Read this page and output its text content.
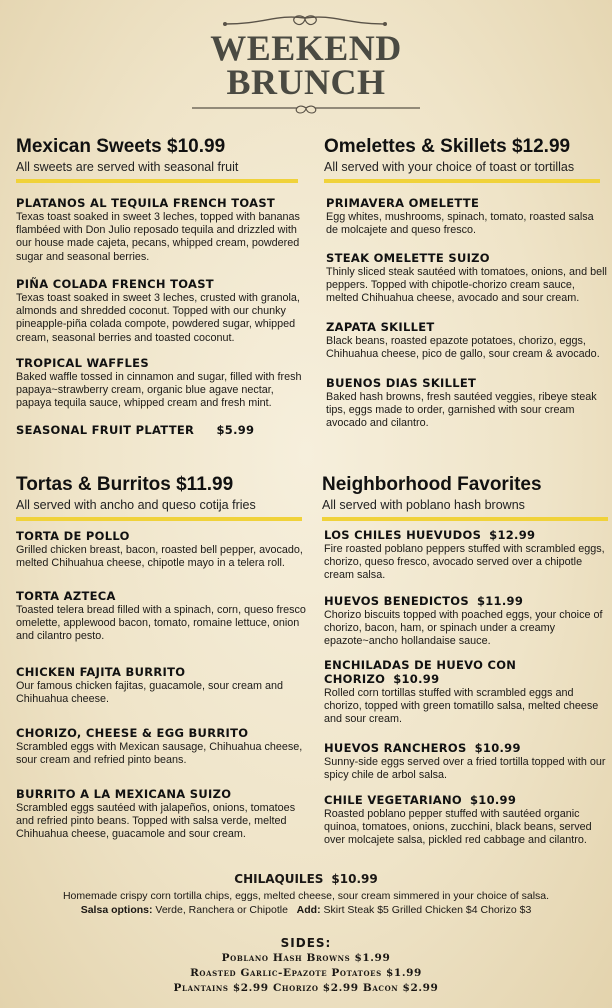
WEEKEND
BRUNCH
Mexican Sweets $10.99
All sweets are served with seasonal fruit
PLATANOS AL TEQUILA FRENCH TOAST
Texas toast soaked in sweet 3 leches, topped with bananas flambéed with Don Julio reposado tequila and drizzled with our house made cajeta, pecans, whipped cream, powdered sugar and seasonal berries.
PIÑA COLADA FRENCH TOAST
Texas toast soaked in sweet 3 leches, crusted with granola, almonds and shredded coconut. Topped with our chunky pineapple-piña colada compote, powdered sugar, whipped cream, seasonal berries and toasted coconut.
TROPICAL WAFFLES
Baked waffle tossed in cinnamon and sugar, filled with fresh papaya~strawberry cream, organic blue agave nectar, papaya tequila sauce, whipped cream and fresh mint.
SEASONAL FRUIT PLATTER $5.99
Omelettes & Skillets $12.99
All served with your choice of toast or tortillas
PRIMAVERA OMELETTE
Egg whites, mushrooms, spinach, tomato, roasted salsa de molcajete and queso fresco.
STEAK OMELETTE SUIZO
Thinly sliced steak sautéed with tomatoes, onions, and bell peppers. Topped with chipotle-chorizo cream sauce, melted Chihuahua cheese, avocado and sour cream.
ZAPATA SKILLET
Black beans, roasted epazote potatoes, chorizo, eggs, Chihuahua cheese, pico de gallo, sour cream & avocado.
BUENOS DIAS SKILLET
Baked hash browns, fresh sautéed veggies, ribeye steak tips, eggs made to order, garnished with sour cream avocado and cilantro.
Tortas & Burritos $11.99
All served with ancho and queso cotija fries
TORTA DE POLLO
Grilled chicken breast, bacon, roasted bell pepper, avocado, melted Chihuahua cheese, chipotle mayo in a telera roll.
TORTA AZTECA
Toasted telera bread filled with a spinach, corn, queso fresco omelette, applewood bacon, tomato, romaine lettuce, onion and cilantro pesto.
CHICKEN FAJITA BURRITO
Our famous chicken fajitas, guacamole, sour cream and Chihuahua cheese.
CHORIZO, CHEESE & EGG BURRITO
Scrambled eggs with Mexican sausage, Chihuahua cheese, sour cream and refried pinto beans.
BURRITO A LA MEXICANA SUIZO
Scrambled eggs sautéed with jalapeños, onions, tomatoes and refried pinto beans. Topped with salsa verde, melted Chihuahua cheese, guacamole and sour cream.
Neighborhood Favorites
All served with poblano hash browns
LOS CHILES HUEVUDOS $12.99
Fire roasted poblano peppers stuffed with scrambled eggs, chorizo, queso fresco, avocado served over a chipotle cream salsa.
HUEVOS BENEDICTOS $11.99
Chorizo biscuits topped with poached eggs, your choice of chorizo, bacon, ham, or spinach under a creamy epazote~ancho hollandaise sauce.
ENCHILADAS DE HUEVO CON
CHORIZO $10.99
Rolled corn tortillas stuffed with scrambled eggs and chorizo, topped with green tomatillo salsa, melted cheese and sour cream.
HUEVOS RANCHEROS $10.99
Sunny-side eggs served over a fried tortilla topped with our spicy chile de arbol salsa.
CHILE VEGETARIANO $10.99
Roasted poblano pepper stuffed with sautéed organic quinoa, tomatoes, onions, zucchini, black beans, served over molcajete salsa, pickled red cabbage and cilantro.
CHILAQUILES $10.99
Homemade crispy corn tortilla chips, eggs, melted cheese, sour cream simmered in your choice of salsa.
Salsa options: Verde, Ranchera or Chipotle Add: Skirt Steak $5 Grilled Chicken $4 Chorizo $3
SIDES:
Poblano Hash Browns $1.99
Roasted Garlic-Epazote Potatoes $1.99
Plantains $2.99 Chorizo $2.99 Bacon $2.99
